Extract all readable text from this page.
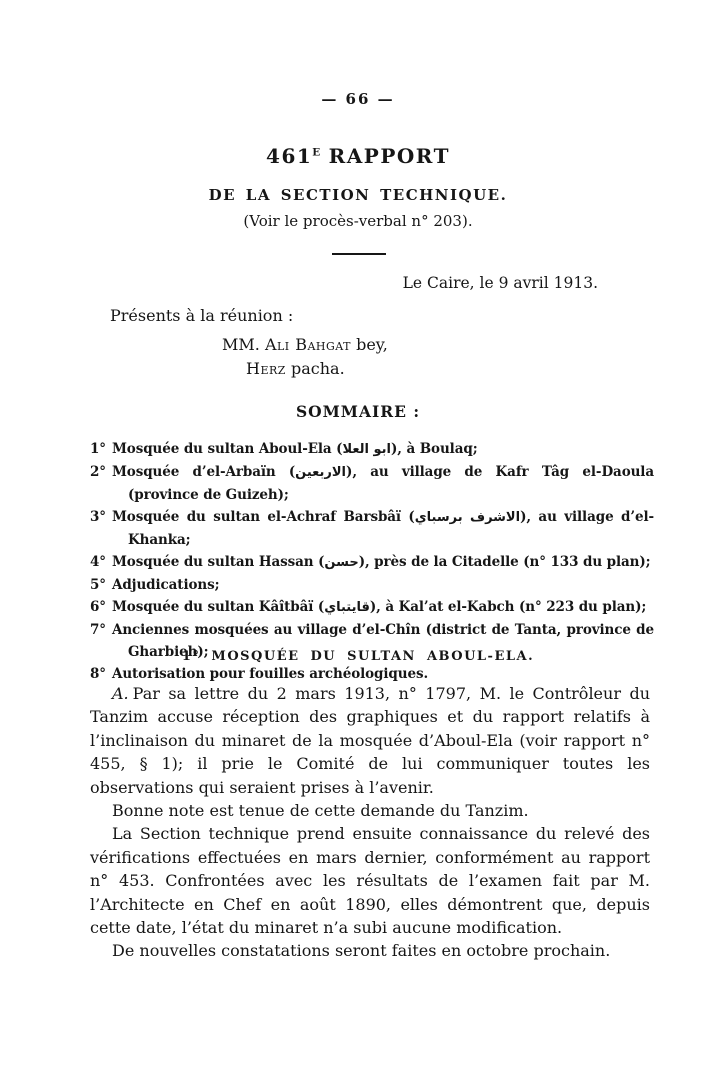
— 66 —
$461^E$ RAPPORT
DE LA SECTION TECHNIQUE.
(Voir le procès-verbal n° 203).
Le Caire, le 9 avril 1913.
Présents à la réunion :
MM. Ali Bahgat bey,
Herz pacha.
SOMMAIRE :
1° Mosquée du sultan Aboul-Ela (ابو العلا), à Boulaq;
2° Mosquée d’el-Arbaïn (الاربعين), au village de Kafr Tâg el-Daoula (province de Guizeh);
3° Mosquée du sultan el-Achraf Barsbâï (الاشرف برسباي), au village d’el-Khanka;
4° Mosquée du sultan Hassan (حسن), près de la Citadelle (n° 133 du plan);
5° Adjudications;
6° Mosquée du sultan Kâîtbâï (قايتباي), à Kal’at el-Kabch (n° 223 du plan);
7° Anciennes mosquées au village d’el-Chîn (district de Tanta, province de Gharbieh);
8° Autorisation pour fouilles archéologiques.
1° MOSQUÉE DU SULTAN ABOUL-ELA.

A. Par sa lettre du 2 mars 1913, n° 1797, M. le Contrôleur du Tanzim accuse réception des graphiques et du rapport relatifs à l’inclinaison du minaret de la mosquée d’Aboul-Ela (voir rapport n° 455, § 1); il prie le Comité de lui communiquer toutes les observations qui seraient prises à l’avenir.

Bonne note est tenue de cette demande du Tanzim.

La Section technique prend ensuite connaissance du relevé des vérifications effectuées en mars dernier, conformément au rapport n° 453. Confrontées avec les résultats de l’examen fait par M. l’Architecte en Chef en août 1890, elles démontrent que, depuis cette date, l’état du minaret n’a subi aucune modification.

De nouvelles constatations seront faites en octobre prochain.
